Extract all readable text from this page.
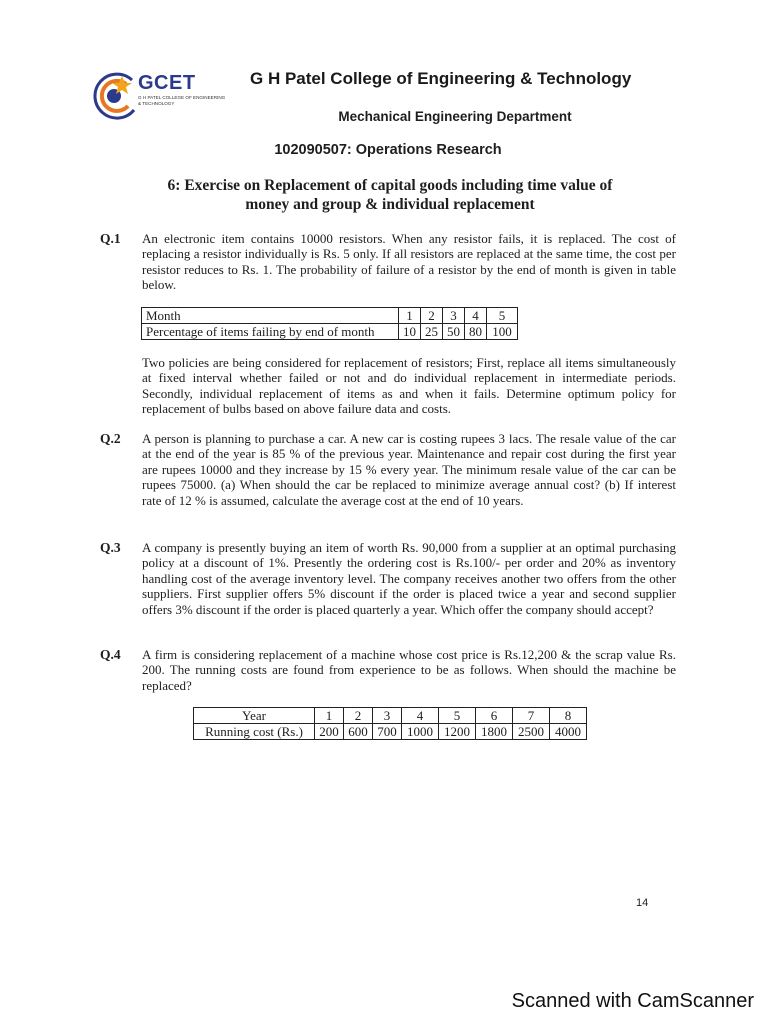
GCET
G H PATEL COLLEGE OF ENGINEERING & TECHNOLOGY
G H Patel College of Engineering & Technology
Mechanical Engineering Department
102090507: Operations Research
6: Exercise on Replacement of capital goods including time value of
money and group & individual replacement
Q.1 An electronic item contains 10000 resistors. When any resistor fails, it is replaced. The cost of replacing a resistor individually is Rs. 5 only. If all resistors are replaced at the same time, the cost per resistor reduces to Rs. 1. The probability of failure of a resistor by the end of month is given in table below.
Month	1	2	3	4	5
Percentage of items failing by end of month	10	25	50	80	100
Two policies are being considered for replacement of resistors; First, replace all items simultaneously at fixed interval whether failed or not and do individual replacement in intermediate periods. Secondly, individual replacement of items as and when it fails. Determine optimum policy for replacement of bulbs based on above failure data and costs.
Q.2 A person is planning to purchase a car. A new car is costing rupees 3 lacs. The resale value of the car at the end of the year is 85 % of the previous year. Maintenance and repair cost during the first year are rupees 10000 and they increase by 15 % every year. The minimum resale value of the car can be rupees 75000. (a) When should the car be replaced to minimize average annual cost? (b) If interest rate of 12 % is assumed, calculate the average cost at the end of 10 years.
Q.3 A company is presently buying an item of worth Rs. 90,000 from a supplier at an optimal purchasing policy at a discount of 1%. Presently the ordering cost is Rs.100/- per order and 20% as inventory handling cost of the average inventory level. The company receives another two offers from the other suppliers. First supplier offers 5% discount if the order is placed twice a year and second supplier offers 3% discount if the order is placed quarterly a year. Which offer the company should accept?
Q.4 A firm is considering replacement of a machine whose cost price is Rs.12,200 & the scrap value Rs. 200. The running costs are found from experience to be as follows. When should the machine be replaced?
Year	1	2	3	4	5	6	7	8
Running cost (Rs.)	200	600	700	1000	1200	1800	2500	4000
14
Scanned with CamScanner
